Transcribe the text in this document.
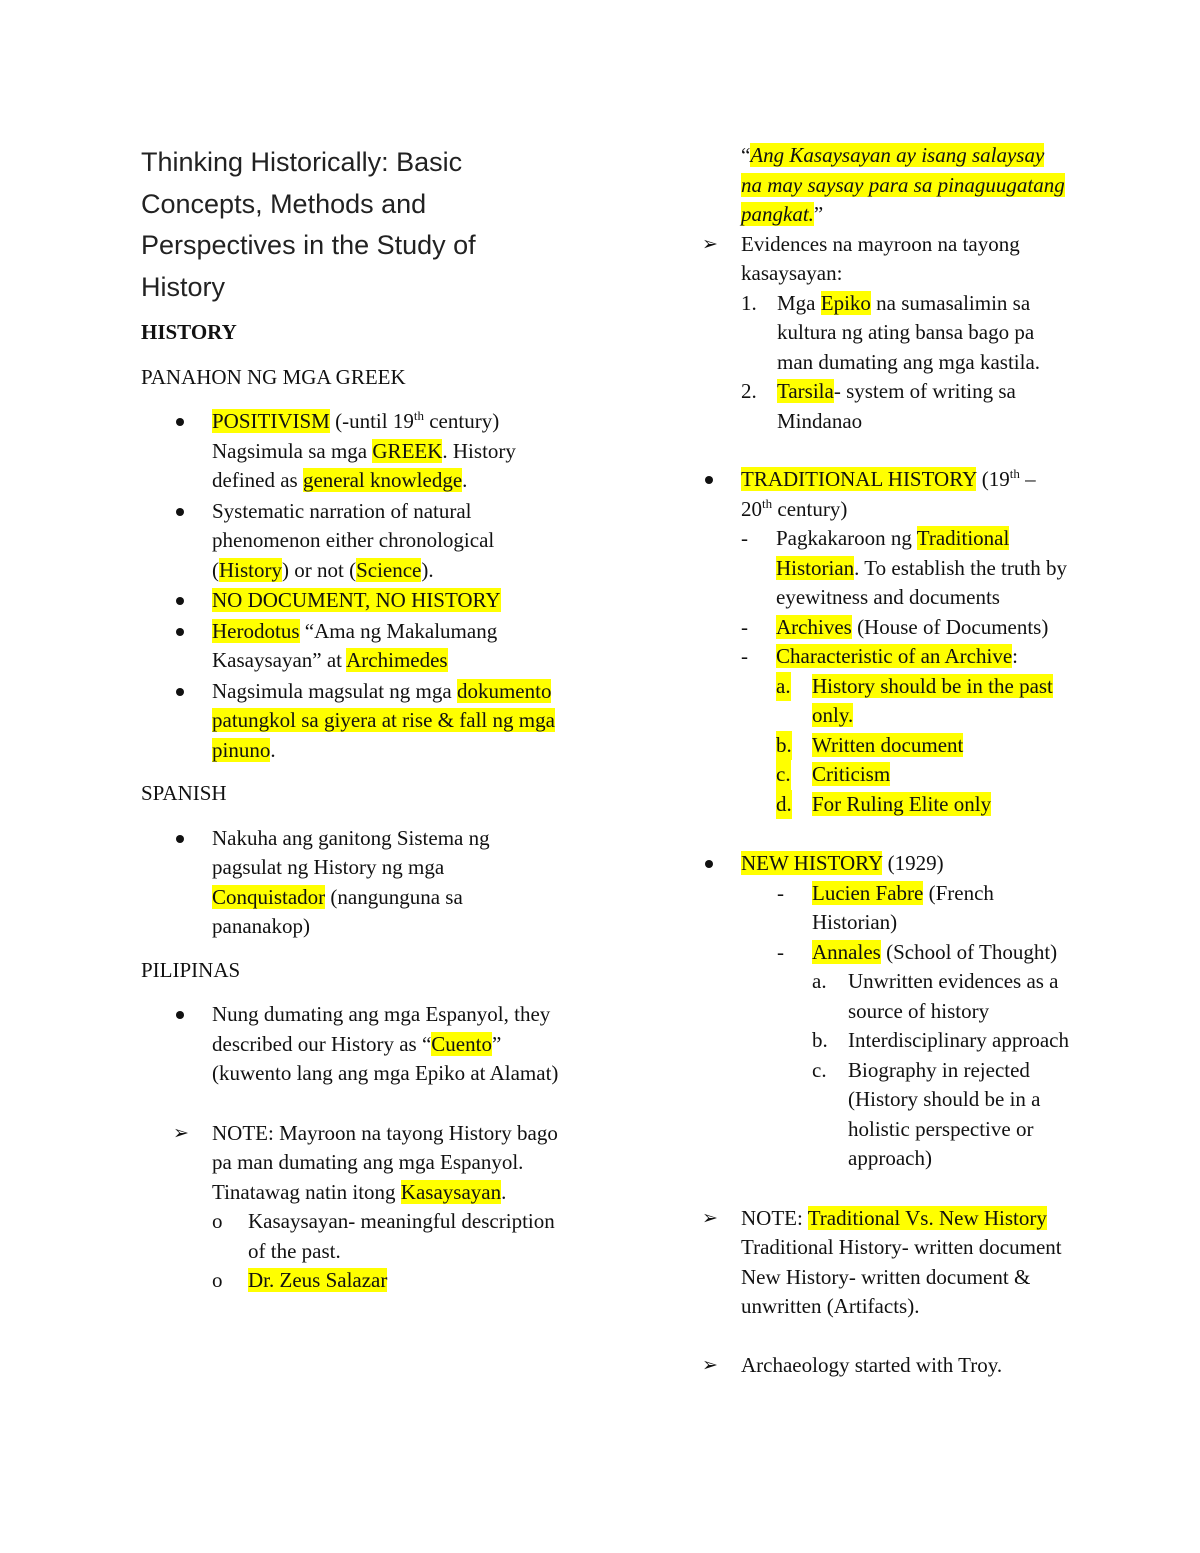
Thinking Historically: Basic
Concepts, Methods and
Perspectives in the Study of
History
HISTORY
PANAHON NG MGA GREEK
POSITIVISM (-until 19th century) Nagsimula sa mga GREEK. History defined as general knowledge.
Systematic narration of natural phenomenon either chronological (History) or not (Science).
NO DOCUMENT, NO HISTORY
Herodotus “Ama ng Makalumang Kasaysayan” at Archimedes
Nagsimula magsulat ng mga dokumento patungkol sa giyera at rise & fall ng mga pinuno.
SPANISH
Nakuha ang ganitong Sistema ng pagsulat ng History ng mga Conquistador (nangunguna sa pananakop)
PILIPINAS
Nung dumating ang mga Espanyol, they described our History as “Cuento” (kuwento lang ang mga Epiko at Alamat)
➢ NOTE: Mayroon na tayong History bago pa man dumating ang mga Espanyol. Tinatawag natin itong Kasaysayan.
o Kasaysayan- meaningful description of the past.
o Dr. Zeus Salazar
“Ang Kasaysayan ay isang salaysay na may saysay para sa pinaguugatang pangkat.”
➢ Evidences na mayroon na tayong kasaysayan:
1. Mga Epiko na sumasalimin sa kultura ng ating bansa bago pa man dumating ang mga kastila.
2. Tarsila- system of writing sa Mindanao
TRADITIONAL HISTORY (19th – 20th century)
- Pagkakaroon ng Traditional Historian. To establish the truth by eyewitness and documents
- Archives (House of Documents)
- Characteristic of an Archive:
a. History should be in the past only.
b. Written document
c. Criticism
d. For Ruling Elite only
NEW HISTORY (1929)
- Lucien Fabre (French Historian)
- Annales (School of Thought)
a. Unwritten evidences as a source of history
b. Interdisciplinary approach
c. Biography in rejected (History should be in a holistic perspective or approach)
➢ NOTE: Traditional Vs. New History
Traditional History- written document
New History- written document & unwritten (Artifacts).
➢ Archaeology started with Troy.
